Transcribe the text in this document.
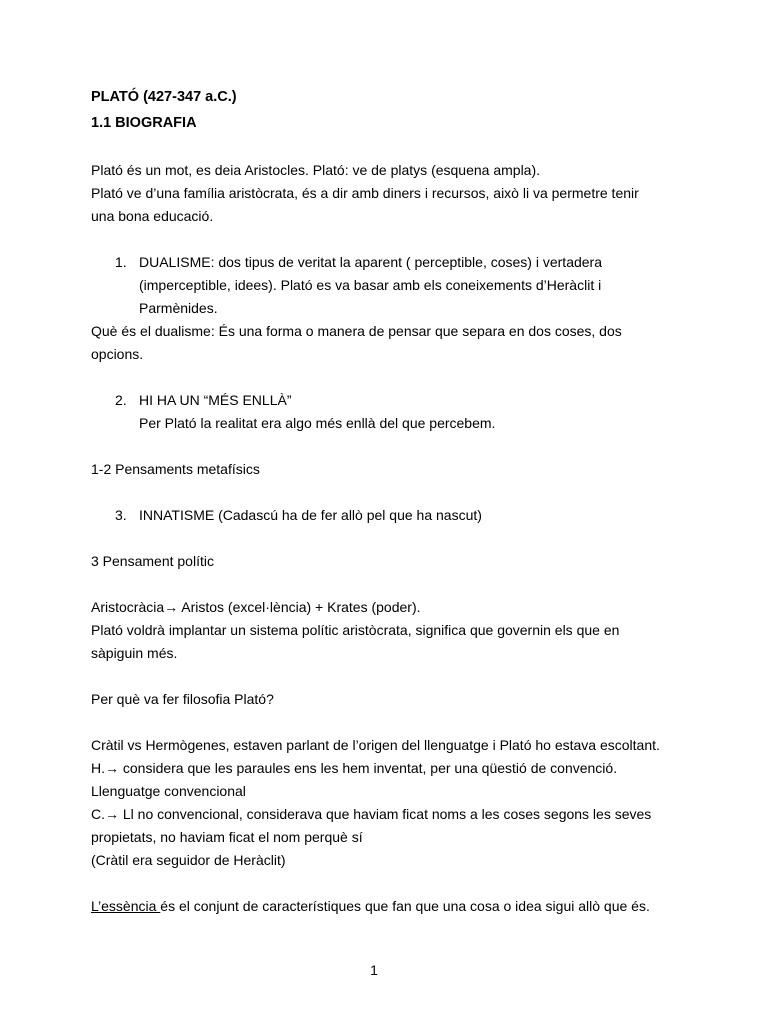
PLATÓ (427-347 a.C.)

1.1 BIOGRAFIA

Plató és un mot, es deia Aristocles. Plató: ve de platys (esquena ampla).

Plató ve d’una família aristòcrata, és a dir amb diners i recursos, això li va permetre tenir

una bona educació.

1. DUALISME: dos tipus de veritat la aparent ( perceptible, coses) i vertadera

(imperceptible, idees). Plató es va basar amb els coneixements d’Heràclit i

Parmènides.

Què és el dualisme: És una forma o manera de pensar que separa en dos coses, dos

opcions.

2. HI HA UN “MÉS ENLLÀ”

Per Plató la realitat era algo més enllà del que percebem.

1-2 Pensaments metafísics

3. INNATISME (Cadascú ha de fer allò pel que ha nascut)

3 Pensament polític

Aristocràcia→ Aristos (excel·lència) + Krates (poder).

Plató voldrà implantar un sistema polític aristòcrata, significa que governin els que en

sàpiguin més.

Per què va fer filosofia Plató?

Cràtil vs Hermògenes, estaven parlant de l’origen del llenguatge i Plató ho estava escoltant.

H.→ considera que les paraules ens les hem inventat, per una qüestió de convenció.

Llenguatge convencional

C.→ Ll no convencional, considerava que haviam ficat noms a les coses segons les seves

propietats, no haviam ficat el nom perquè sí

(Cràtil era seguidor de Heràclit)

L’essència és el conjunt de característiques que fan que una cosa o idea sigui allò que és.

1
